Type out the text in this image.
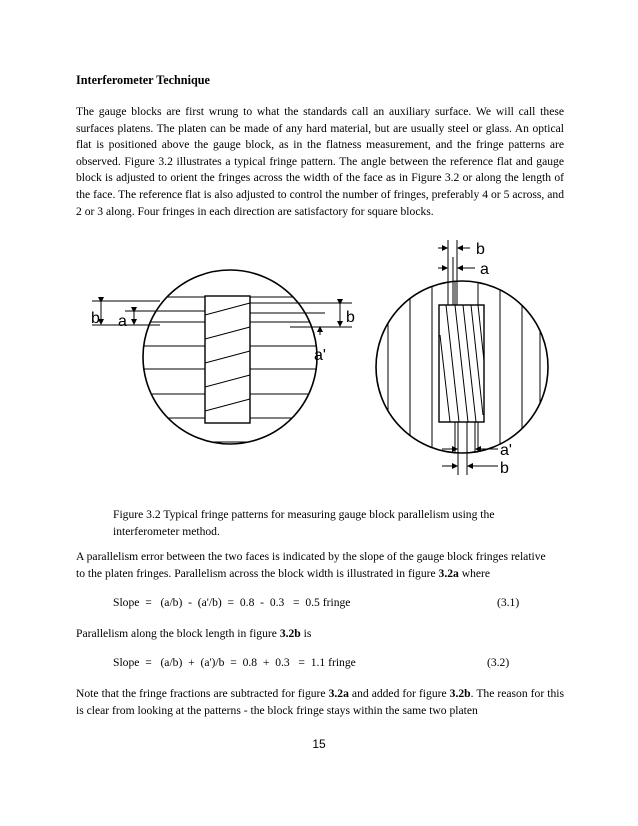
Interferometer Technique
The gauge blocks are first wrung to what the standards call an auxiliary surface. We will call these surfaces platens. The platen can be made of any hard material, but are usually steel or glass. An optical flat is positioned above the gauge block, as in the flatness measurement, and the fringe patterns are observed. Figure 3.2 illustrates a typical fringe pattern. The angle between the reference flat and gauge block is adjusted to orient the fringes across the width of the face as in Figure 3.2 or along the length of the face. The reference flat is also adjusted to control the number of fringes, preferably 4 or 5 across, and 2 or 3 along. Four fringes in each direction are satisfactory for square blocks.
b a	b
a'
b
a
a'
b
Figure 3.2 Typical fringe patterns for measuring gauge block parallelism using the
interferometer method.
A parallelism error between the two faces is indicated by the slope of the gauge block fringes relative
to the platen fringes. Parallelism across the block width is illustrated in figure 3.2a where
Slope  =   (a/b)  -  (a'/b)  =  0.8  -  0.3   =  0.5 fringe	(3.1)
Parallelism along the block length in figure 3.2b is
Slope  =   (a/b)  +  (a')/b  =  0.8  +  0.3   =  1.1 fringe	(3.2)
Note that the fringe fractions are subtracted for figure 3.2a and added for figure 3.2b. The reason for this is clear from looking at the patterns - the block fringe stays within the same two platen
15
